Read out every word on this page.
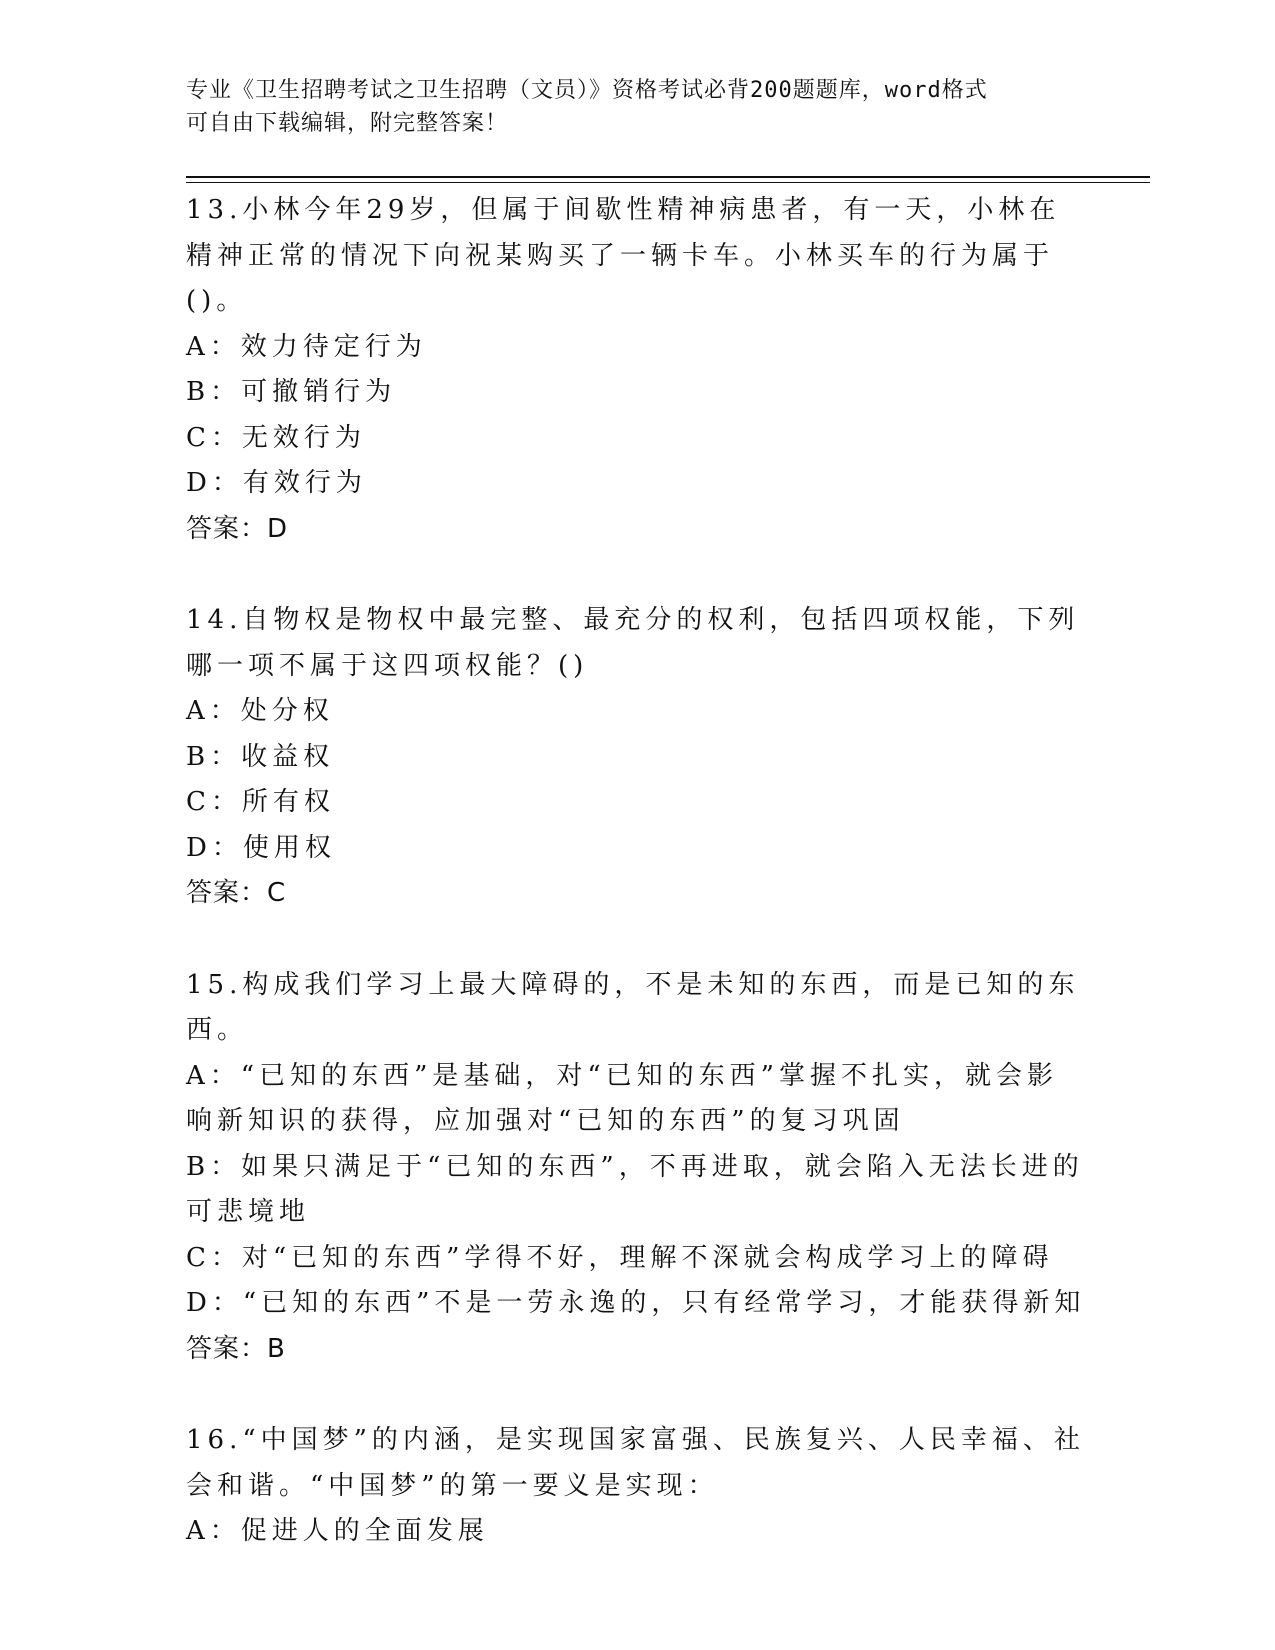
专业《卫生招聘考试之卫生招聘（文员）》资格考试必背200题题库，word格式
可自由下载编辑，附完整答案！
13.小林今年29岁，但属于间歇性精神病患者，有一天，小林在精神正常的情况下向祝某购买了一辆卡车。小林买车的行为属于()。
A：效力待定行为
B：可撤销行为
C：无效行为
D：有效行为
答案：D
14.自物权是物权中最完整、最充分的权利，包括四项权能，下列哪一项不属于这四项权能？()
A：处分权
B：收益权
C：所有权
D：使用权
答案：C
15.构成我们学习上最大障碍的，不是未知的东西，而是已知的东西。
A：“已知的东西”是基础，对“已知的东西”掌握不扎实，就会影响新知识的获得，应加强对“已知的东西”的复习巩固
B：如果只满足于“已知的东西”，不再进取，就会陷入无法长进的可悲境地
C：对“已知的东西”学得不好，理解不深就会构成学习上的障碍
D：“已知的东西”不是一劳永逸的，只有经常学习，才能获得新知
答案：B
16.“中国梦”的内涵，是实现国家富强、民族复兴、人民幸福、社会和谐。“中国梦”的第一要义是实现：
A：促进人的全面发展
